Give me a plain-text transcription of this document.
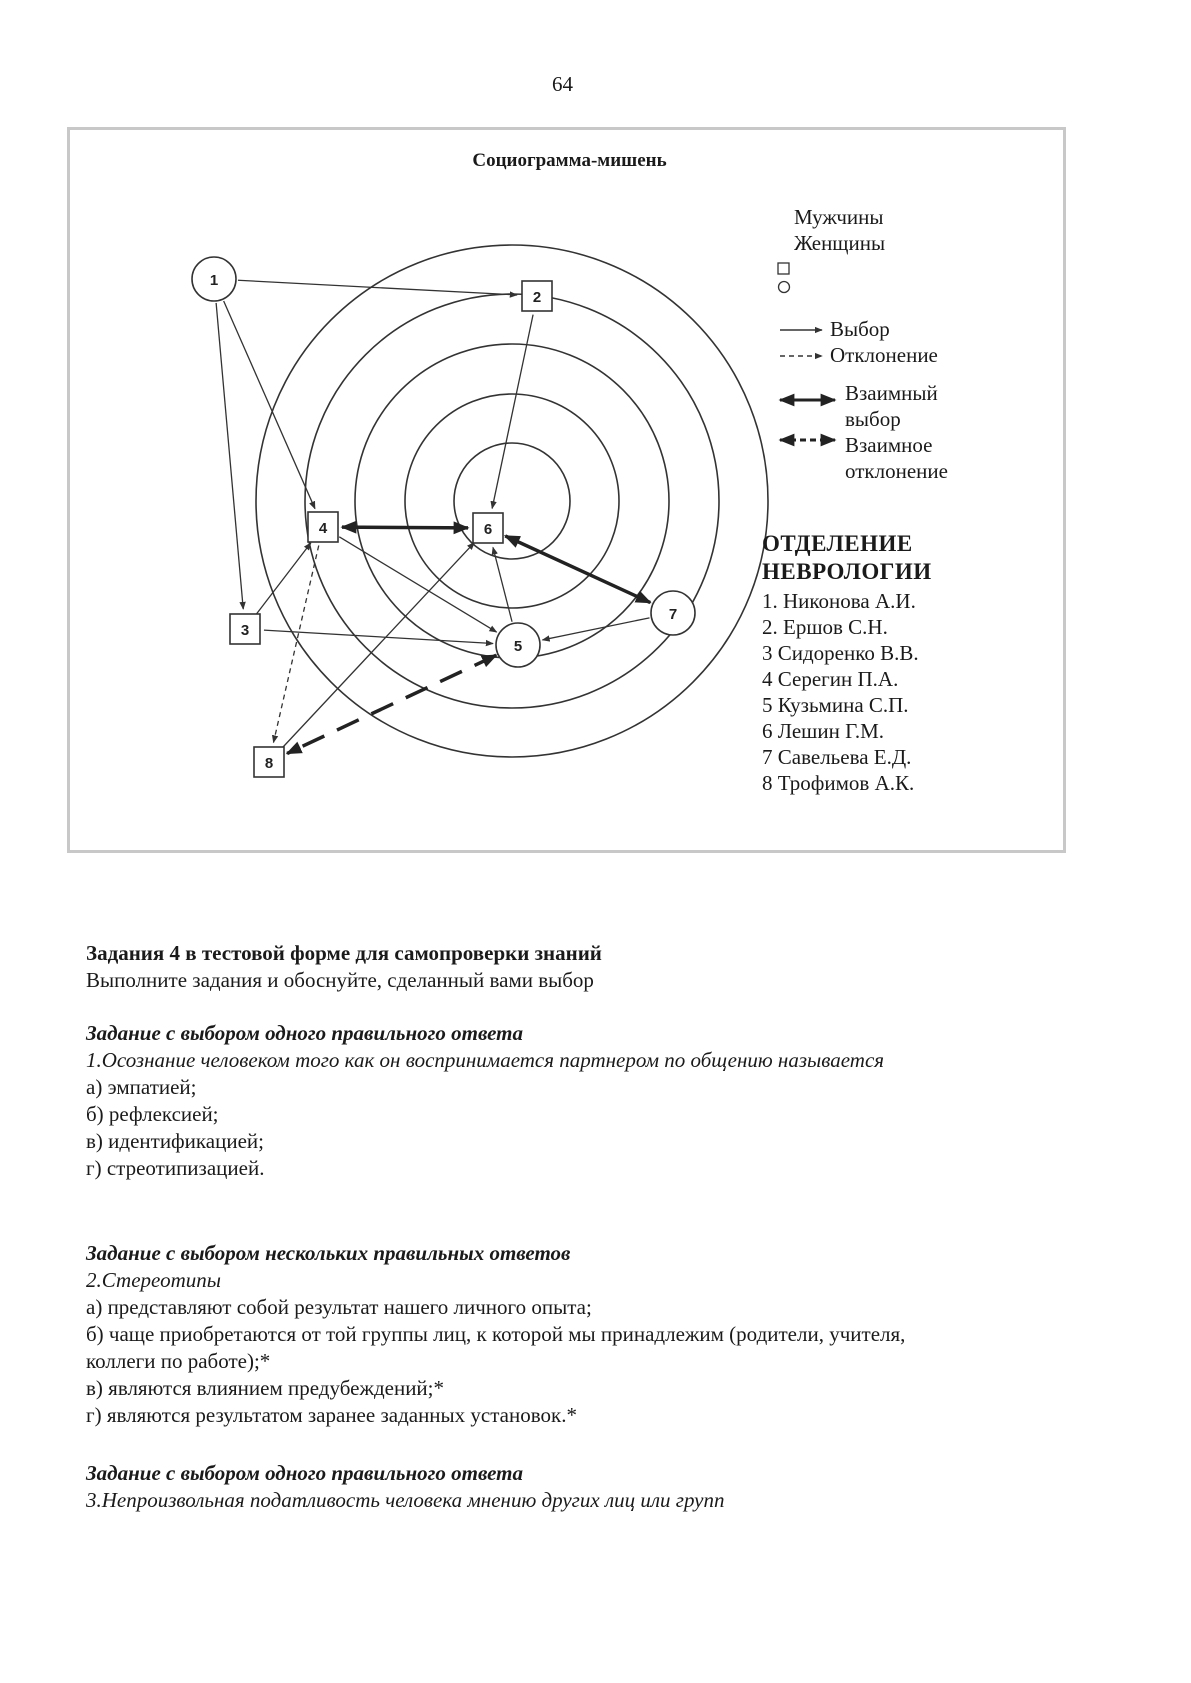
64
Социограмма-мишень
1
2
3
4
5
6
7
8
Мужчины
Женщины
Выбор
Отклонение
Взаимный
выбор
Взаимное
отклонение
ОТДЕЛЕНИЕ
НЕВРОЛОГИИ
1. Никонова А.И.
2. Ершов С.Н.
3 Сидоренко В.В.
4 Серегин П.А.
5 Кузьмина С.П.
6 Лешин Г.М.
7 Савельева Е.Д.
8 Трофимов А.К.
Задания 4 в тестовой форме для самопроверки знаний
Выполните задания и обоснуйте, сделанный вами выбор
Задание с выбором одного правильного ответа
1.Осознание человеком того как он воспринимается партнером по общению называется
а) эмпатией;
б) рефлексией;
в) идентификацией;
г) стреотипизацией.
Задание с выбором нескольких правильных ответов
2.Стереотипы
а) представляют собой результат нашего личного опыта;
б) чаще приобретаются от той группы лиц, к которой мы принадлежим (родители, учителя,
коллеги по работе);*
в) являются влиянием предубеждений;*
г) являются результатом заранее заданных установок.*
Задание с выбором одного правильного ответа
3.Непроизвольная податливость человека мнению других лиц или групп
